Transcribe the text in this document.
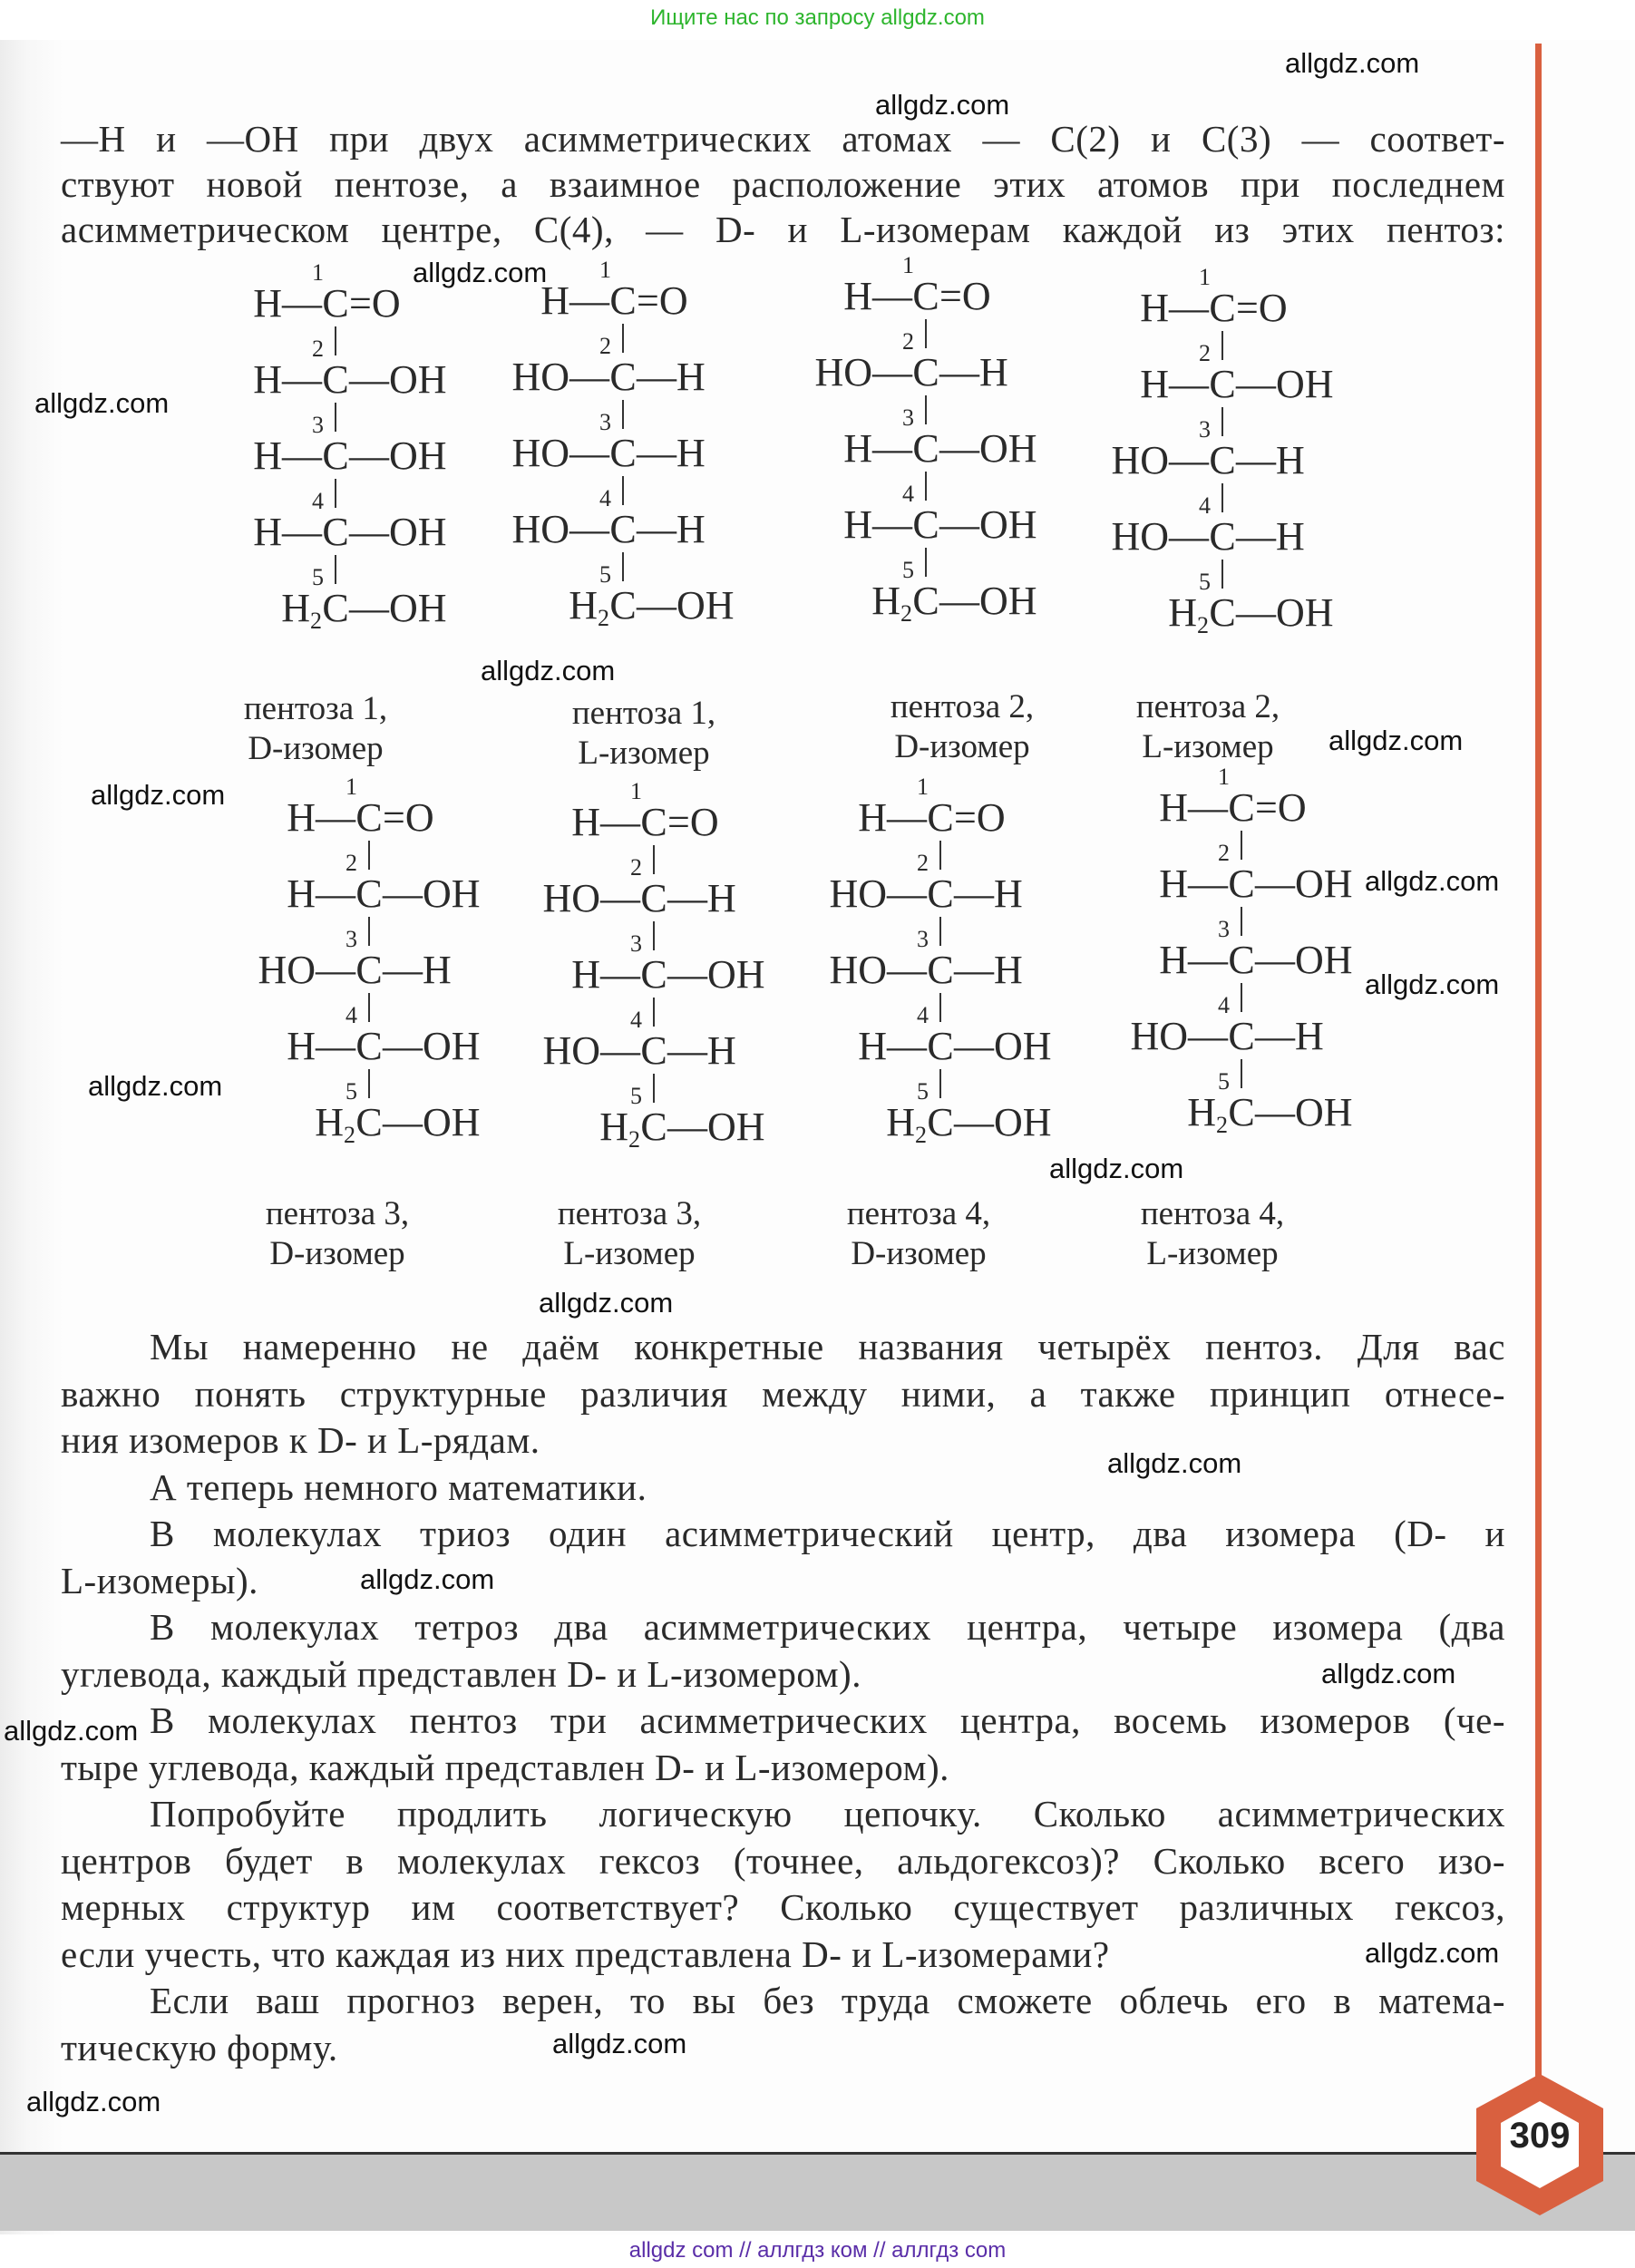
Ищите нас по запросу allgdz.com
309
—H и —OH при двух асимметрических атомах — C(2) и C(3) — соответ-
ствуют новой пентозе, а взаимное расположение этих атомов при последнем
асимметрическом центре, C(4), — D- и L-изомерам каждой из этих пентоз:
H— C =O
1
H— C —OH
2
H— C —OH
3
H— C —OH
4
$H_2$ C —OH
5
пентоза 1,
D-изомер
H— C =O
1
HO— C —H
2
HO— C —H
3
HO— C —H
4
$H_2$ C —OH
5
пентоза 1,
L-изомер
H— C =O
1
HO— C —H
2
H— C —OH
3
H— C —OH
4
$H_2$ C —OH
5
пентоза 2,
D-изомер
H— C =O
1
H— C —OH
2
HO— C —H
3
HO— C —H
4
$H_2$ C —OH
5
пентоза 2,
L-изомер
H— C =O
1
H— C —OH
2
HO— C —H
3
H— C —OH
4
$H_2$ C —OH
5
пентоза 3,
D-изомер
H— C =O
1
HO— C —H
2
H— C —OH
3
HO— C —H
4
$H_2$ C —OH
5
пентоза 3,
L-изомер
H— C =O
1
HO— C —H
2
HO— C —H
3
H— C —OH
4
$H_2$ C —OH
5
пентоза 4,
D-изомер
H— C =O
1
H— C —OH
2
H— C —OH
3
HO— C —H
4
$H_2$ C —OH
5
пентоза 4,
L-изомер
Мы намеренно не даём конкретные названия четырёх пентоз. Для вас
важно понять структурные различия между ними, а также принцип отнесе-
ния изомеров к D- и L-рядам.
А теперь немного математики.
В молекулах триоз один асимметрический центр, два изомера (D- и
L-изомеры).
В молекулах тетроз два асимметрических центра, четыре изомера (два
углевода, каждый представлен D- и L-изомером).
В молекулах пентоз три асимметрических центра, восемь изомеров (че-
тыре углевода, каждый представлен D- и L-изомером).
Попробуйте продлить логическую цепочку. Сколько асимметрических
центров будет в молекулах гексоз (точнее, альдогексоз)? Сколько всего изо-
мерных структур им соответствует? Сколько существует различных гексоз,
если учесть, что каждая из них представлена D- и L-изомерами?
Если ваш прогноз верен, то вы без труда сможете облечь его в матема-
тическую форму.
allgdz.com
allgdz.com
allgdz.com
allgdz.com
allgdz.com
allgdz.com
allgdz.com
allgdz.com
allgdz.com
allgdz.com
allgdz.com
allgdz.com
allgdz.com
allgdz.com
allgdz.com
allgdz.com
allgdz.com
allgdz.com
allgdz.com
allgdz com // аллгдз ком // аллгдз com
